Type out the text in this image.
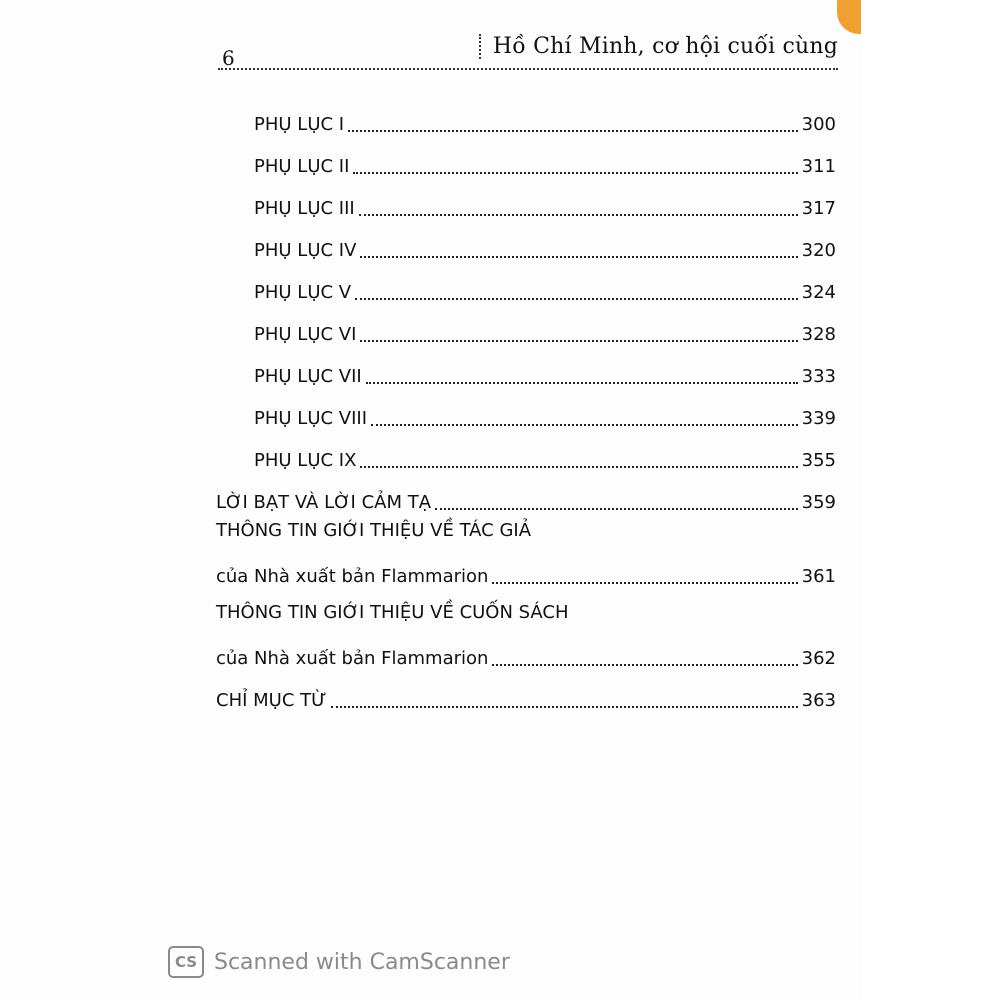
6	Hồ Chí Minh, cơ hội cuối cùng
PHỤ LỤC I	300
PHỤ LỤC II	311
PHỤ LỤC III	317
PHỤ LỤC IV	320
PHỤ LỤC V	324
PHỤ LỤC VI	328
PHỤ LỤC VII	333
PHỤ LỤC VIII	339
PHỤ LỤC IX	355
LỜI BẠT VÀ LỜI CẢM TẠ	359
THÔNG TIN GIỚI THIỆU VỀ TÁC GIẢ
của Nhà xuất bản Flammarion	361
THÔNG TIN GIỚI THIỆU VỀ CUỐN SÁCH
của Nhà xuất bản Flammarion	362
CHỈ MỤC TỪ	363
CS Scanned with CamScanner
